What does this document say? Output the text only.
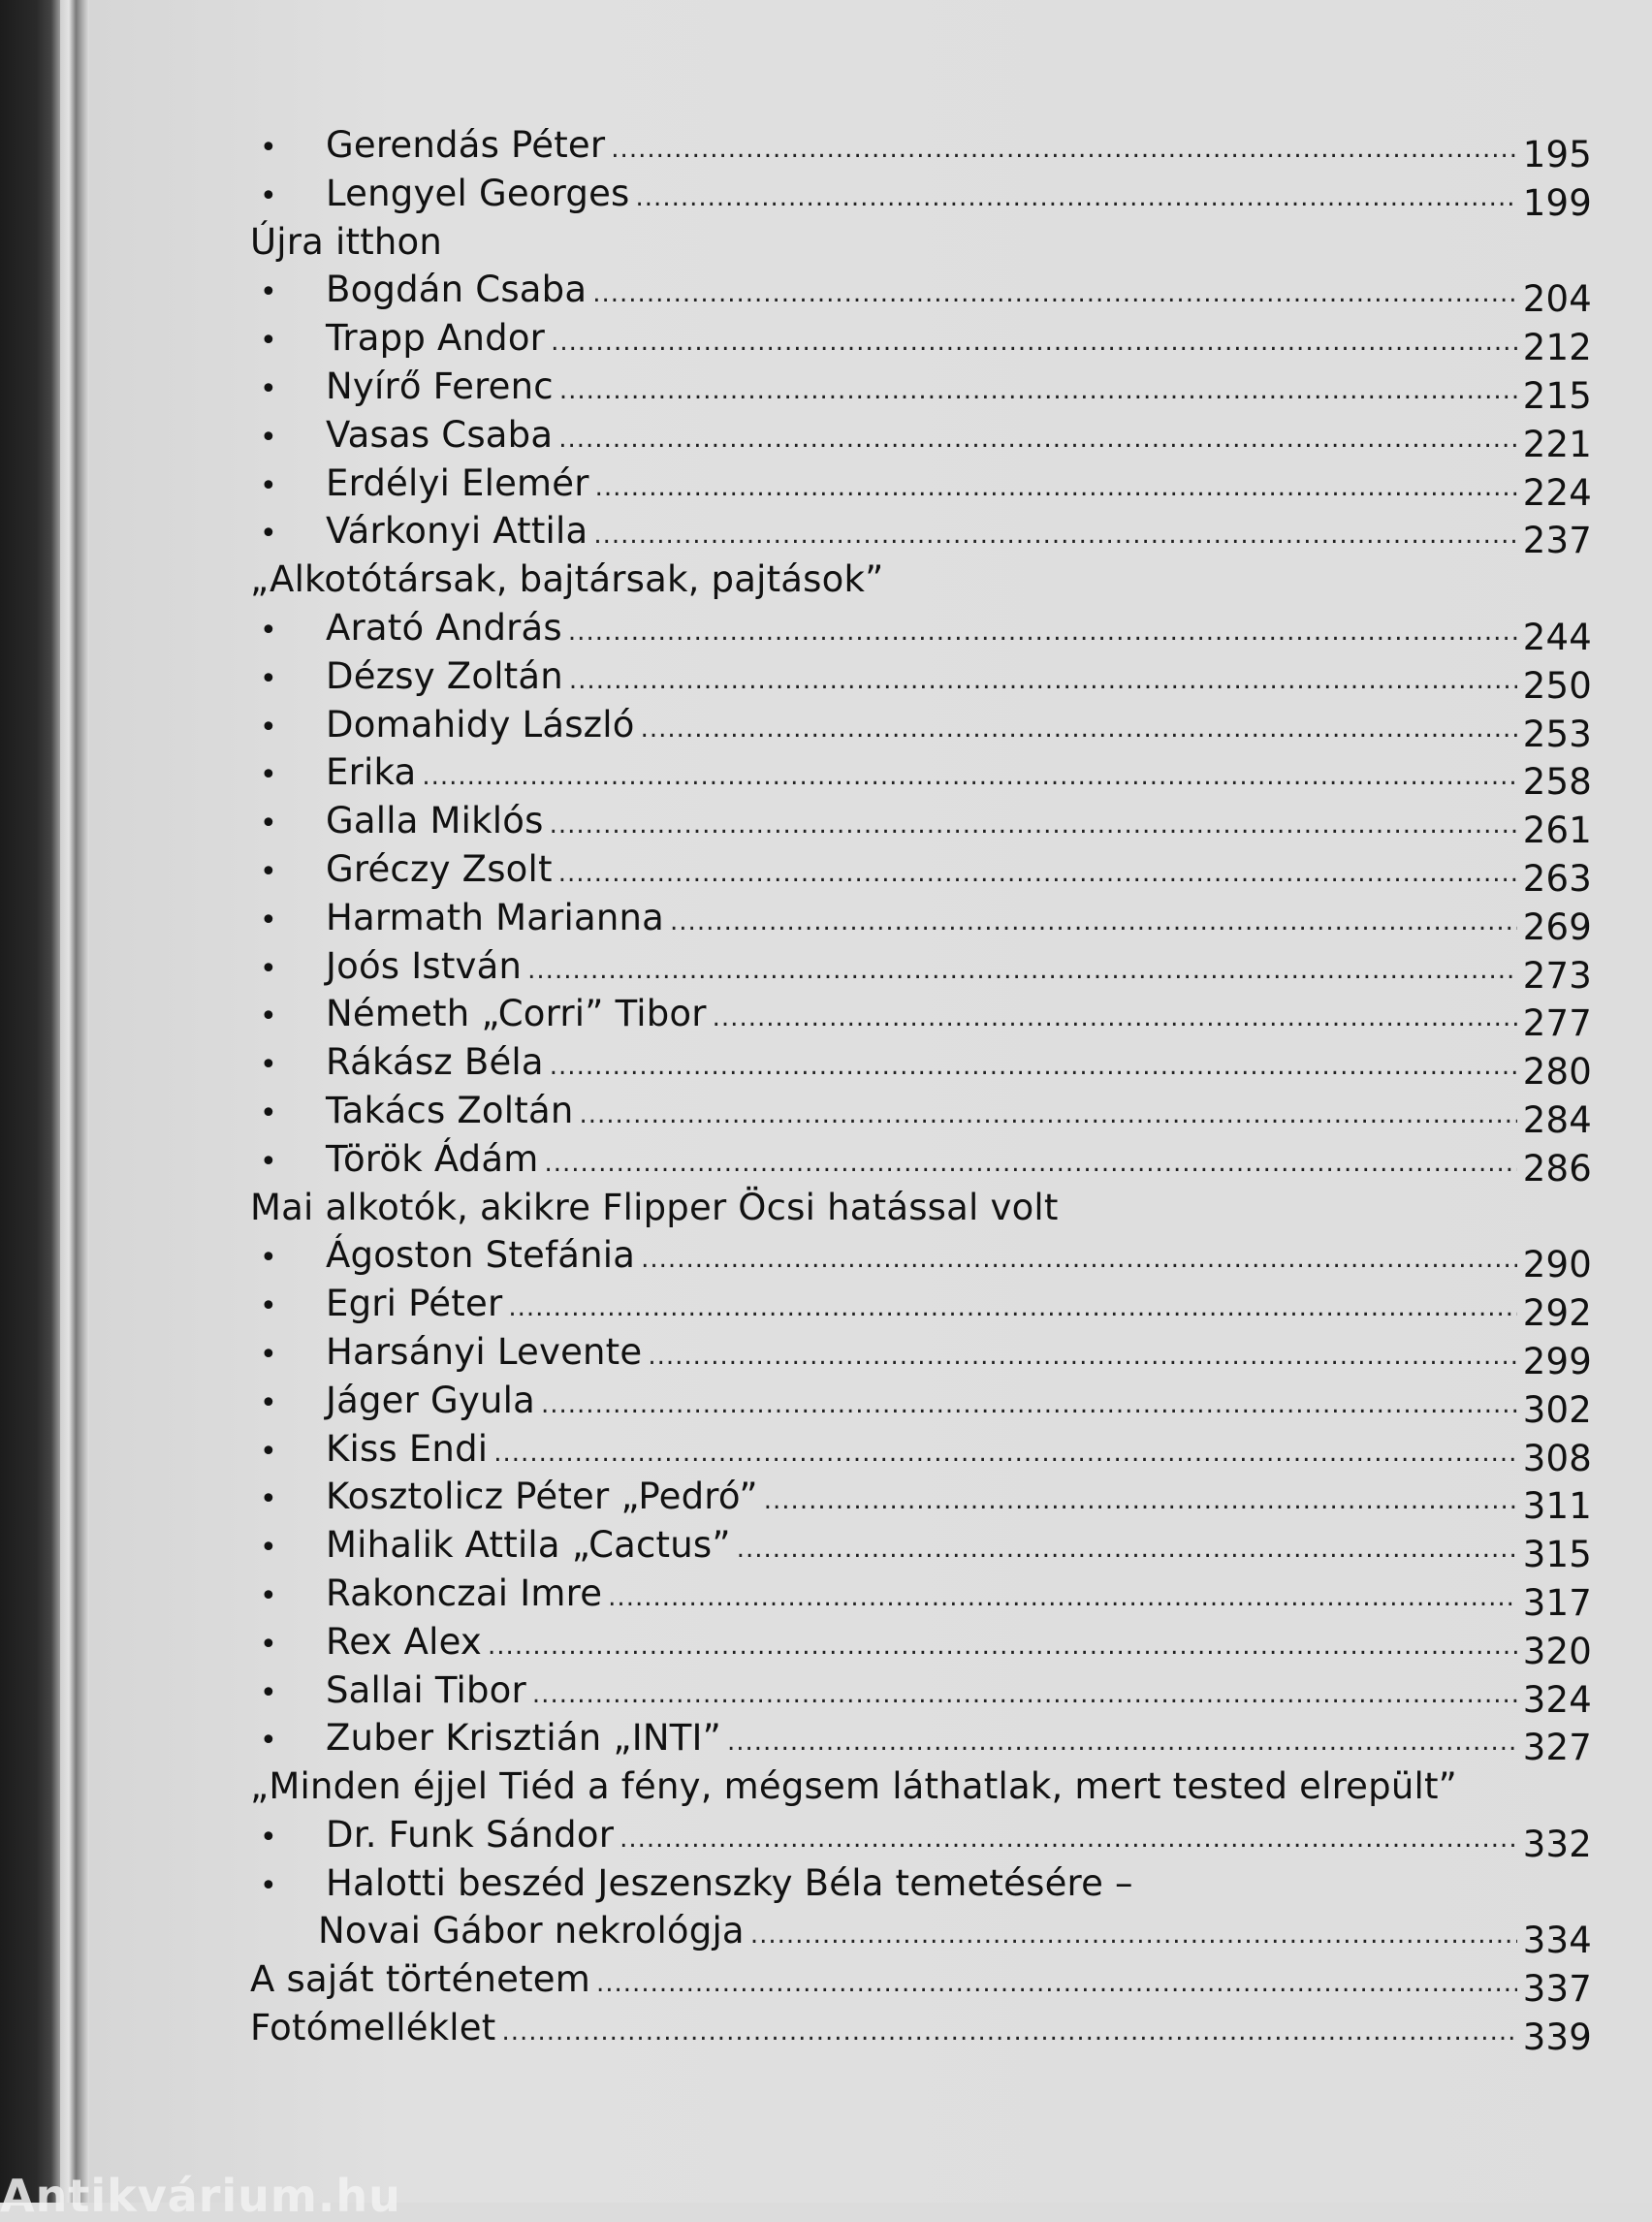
•	Gerendás Péter .....	195
•	Lengyel Georges .....	199
Újra itthon
•	Bogdán Csaba .....	204
•	Trapp Andor .....	212
•	Nyírő Ferenc .....	215
•	Vasas Csaba .....	221
•	Erdélyi Elemér .....	224
•	Várkonyi Attila .....	237
„Alkotótársak, bajtársak, pajtások”
•	Arató András .....	244
•	Dézsy Zoltán .....	250
•	Domahidy László .....	253
•	Erika .....	258
•	Galla Miklós .....	261
•	Gréczy Zsolt .....	263
•	Harmath Marianna .....	269
•	Joós István .....	273
•	Németh „Corri” Tibor .....	277
•	Rákász Béla .....	280
•	Takács Zoltán .....	284
•	Török Ádám .....	286
Mai alkotók, akikre Flipper Öcsi hatással volt
•	Ágoston Stefánia .....	290
•	Egri Péter .....	292
•	Harsányi Levente .....	299
•	Jáger Gyula .....	302
•	Kiss Endi .....	308
•	Kosztolicz Péter „Pedró” .....	311
•	Mihalik Attila „Cactus” .....	315
•	Rakonczai Imre .....	317
•	Rex Alex .....	320
•	Sallai Tibor .....	324
•	Zuber Krisztián „INTI” .....	327
„Minden éjjel Tiéd a fény, mégsem láthatlak, mert tested elrepült”
•	Dr. Funk Sándor .....	332
•	Halotti beszéd Jeszenszky Béla temetésére –
Novai Gábor nekrológja .....	334
A saját történetem .....	337
Fotómelléklet .....	339
Antikvárium.hu
